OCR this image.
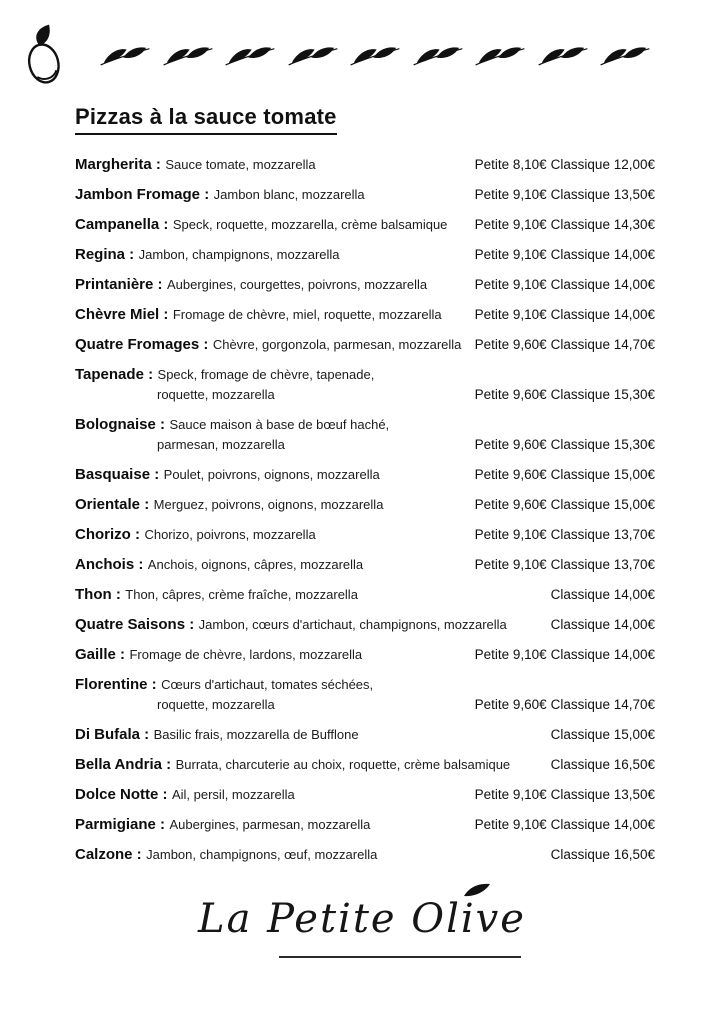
Pizzas à la sauce tomate
Margherita : Sauce tomate, mozzarella	Petite 8,10€ Classique 12,00€
Jambon Fromage : Jambon blanc, mozzarella	Petite 9,10€ Classique 13,50€
Campanella : Speck, roquette, mozzarella, crème balsamique	Petite 9,10€ Classique 14,30€
Regina : Jambon, champignons, mozzarella	Petite 9,10€ Classique 14,00€
Printanière : Aubergines, courgettes, poivrons, mozzarella	Petite 9,10€ Classique 14,00€
Chèvre Miel : Fromage de chèvre, miel, roquette, mozzarella	Petite 9,10€ Classique 14,00€
Quatre Fromages : Chèvre, gorgonzola, parmesan, mozzarella Petite 9,60€ Classique 14,70€
Tapenade : Speck, fromage de chèvre, tapenade,
roquette, mozzarella	Petite 9,60€ Classique 15,30€
Bolognaise : Sauce maison à base de bœuf haché,
parmesan, mozzarella	Petite 9,60€ Classique 15,30€
Basquaise : Poulet, poivrons, oignons, mozzarella	Petite 9,60€ Classique 15,00€
Orientale : Merguez, poivrons, oignons, mozzarella	Petite 9,60€ Classique 15,00€
Chorizo : Chorizo, poivrons, mozzarella	Petite 9,10€ Classique 13,70€
Anchois : Anchois, oignons, câpres, mozzarella	Petite 9,10€ Classique 13,70€
Thon : Thon, câpres, crème fraîche, mozzarella	Classique 14,00€
Quatre Saisons : Jambon, cœurs d'artichaut, champignons, mozzarella	Classique 14,00€
Gaille : Fromage de chèvre, lardons, mozzarella	Petite 9,10€ Classique 14,00€
Florentine : Cœurs d'artichaut, tomates séchées,
roquette, mozzarella	Petite 9,60€ Classique 14,70€
Di Bufala : Basilic frais, mozzarella de Bufflone	Classique 15,00€
Bella Andria : Burrata, charcuterie au choix, roquette, crème balsamique	Classique 16,50€
Dolce Notte : Ail, persil, mozzarella	Petite 9,10€ Classique 13,50€
Parmigiane : Aubergines, parmesan, mozzarella	Petite 9,10€ Classique 14,00€
Calzone : Jambon, champignons, œuf, mozzarella	Classique 16,50€
La Petite Olive
